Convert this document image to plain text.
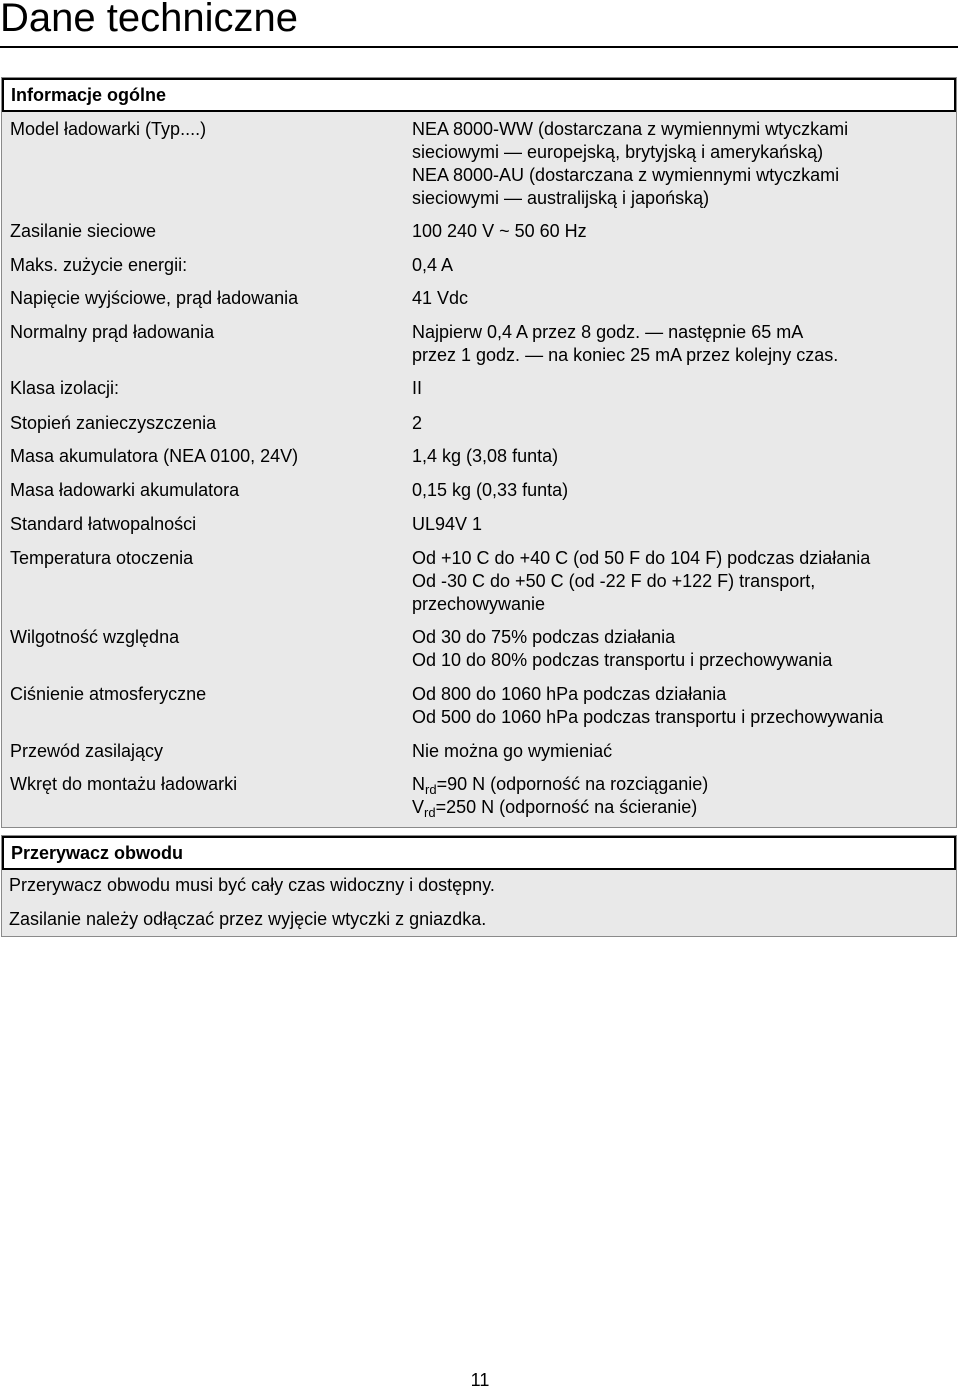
Dane techniczne
Informacje ogólne
Model ładowarki (Typ....)	NEA 8000-WW (dostarczana z wymiennymi wtyczkami
sieciowymi — europejską, brytyjską i amerykańską)
NEA 8000-AU (dostarczana z wymiennymi wtyczkami
sieciowymi — australijską i japońską)
Zasilanie sieciowe	100 240 V ~ 50 60 Hz
Maks. zużycie energii:	0,4 A
Napięcie wyjściowe, prąd ładowania	41 Vdc
Normalny prąd ładowania	Najpierw 0,4 A przez 8 godz. — następnie 65 mA
przez 1 godz. — na koniec 25 mA przez kolejny czas.
Klasa izolacji:	II
Stopień zanieczyszczenia	2
Masa akumulatora (NEA 0100, 24V)	1,4 kg (3,08 funta)
Masa ładowarki akumulatora	0,15 kg (0,33 funta)
Standard łatwopalności	UL94V 1
Temperatura otoczenia	Od +10 C do +40 C (od 50 F do 104 F) podczas działania
Od -30 C do +50 C (od -22 F do +122 F) transport,
przechowywanie
Wilgotność względna	Od 30 do 75% podczas działania
Od 10 do 80% podczas transportu i przechowywania
Ciśnienie atmosferyczne	Od 800 do 1060 hPa podczas działania
Od 500 do 1060 hPa podczas transportu i przechowywania
Przewód zasilający	Nie można go wymieniać
Wkręt do montażu ładowarki	$N_{rd}=90$ N (odporność na rozciąganie)
$V_{rd}=250$ N (odporność na ścieranie)
Przerywacz obwodu
Przerywacz obwodu musi być cały czas widoczny i dostępny.
Zasilanie należy odłączać przez wyjęcie wtyczki z gniazdka.
11
